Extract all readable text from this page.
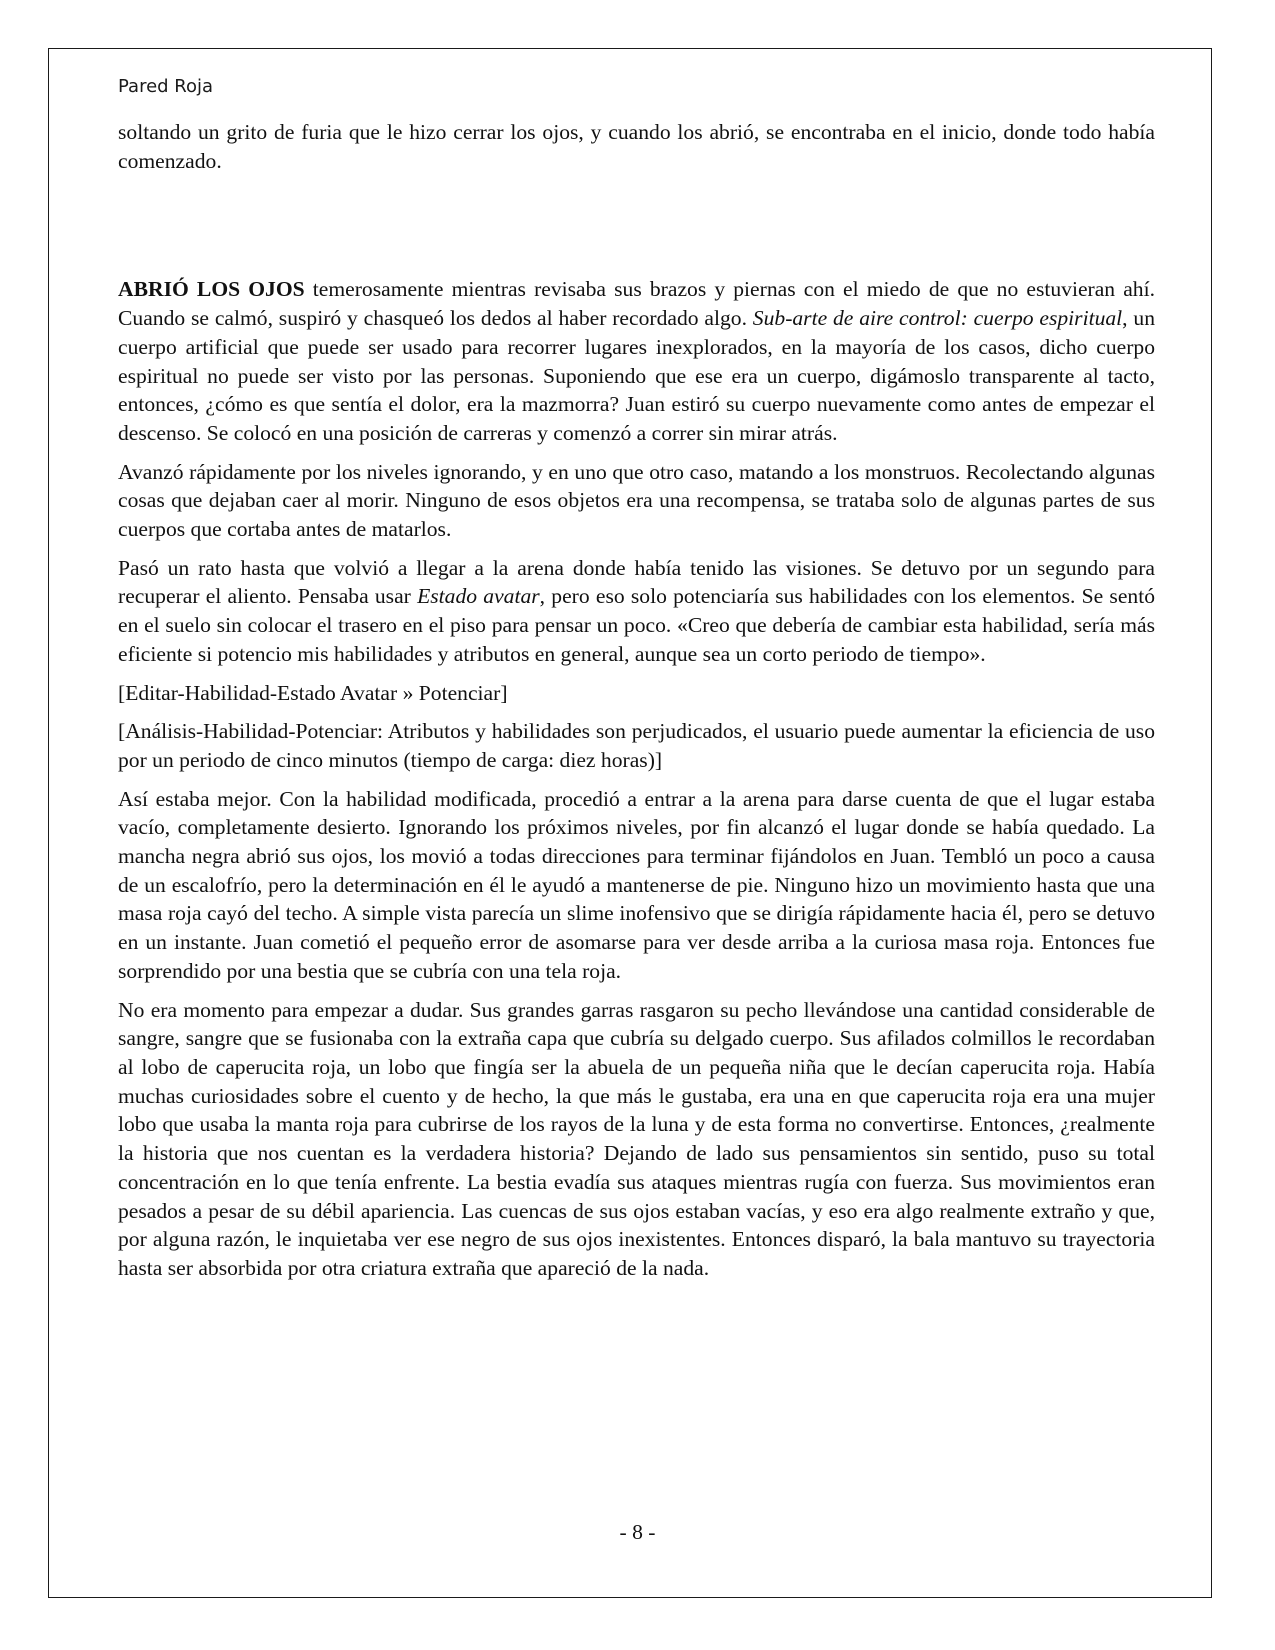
Pared Roja

soltando un grito de furia que le hizo cerrar los ojos, y cuando los abrió, se encontraba en el inicio, donde todo había comenzado.

ABRIÓ LOS OJOS temerosamente mientras revisaba sus brazos y piernas con el miedo de que no estuvieran ahí. Cuando se calmó, suspiró y chasqueó los dedos al haber recordado algo. Sub-arte de aire control: cuerpo espiritual, un cuerpo artificial que puede ser usado para recorrer lugares inexplorados, en la mayoría de los casos, dicho cuerpo espiritual no puede ser visto por las personas. Suponiendo que ese era un cuerpo, digámoslo transparente al tacto, entonces, ¿cómo es que sentía el dolor, era la mazmorra? Juan estiró su cuerpo nuevamente como antes de empezar el descenso. Se colocó en una posición de carreras y comenzó a correr sin mirar atrás.

Avanzó rápidamente por los niveles ignorando, y en uno que otro caso, matando a los monstruos. Recolectando algunas cosas que dejaban caer al morir. Ninguno de esos objetos era una recompensa, se trataba solo de algunas partes de sus cuerpos que cortaba antes de matarlos.

Pasó un rato hasta que volvió a llegar a la arena donde había tenido las visiones. Se detuvo por un segundo para recuperar el aliento. Pensaba usar Estado avatar, pero eso solo potenciaría sus habilidades con los elementos. Se sentó en el suelo sin colocar el trasero en el piso para pensar un poco. «Creo que debería de cambiar esta habilidad, sería más eficiente si potencio mis habilidades y atributos en general, aunque sea un corto periodo de tiempo».

[Editar-Habilidad-Estado Avatar » Potenciar]

[Análisis-Habilidad-Potenciar: Atributos y habilidades son perjudicados, el usuario puede aumentar la eficiencia de uso por un periodo de cinco minutos (tiempo de carga: diez horas)]

Así estaba mejor. Con la habilidad modificada, procedió a entrar a la arena para darse cuenta de que el lugar estaba vacío, completamente desierto. Ignorando los próximos niveles, por fin alcanzó el lugar donde se había quedado. La mancha negra abrió sus ojos, los movió a todas direcciones para terminar fijándolos en Juan. Tembló un poco a causa de un escalofrío, pero la determinación en él le ayudó a mantenerse de pie. Ninguno hizo un movimiento hasta que una masa roja cayó del techo. A simple vista parecía un slime inofensivo que se dirigía rápidamente hacia él, pero se detuvo en un instante. Juan cometió el pequeño error de asomarse para ver desde arriba a la curiosa masa roja. Entonces fue sorprendido por una bestia que se cubría con una tela roja.

No era momento para empezar a dudar. Sus grandes garras rasgaron su pecho llevándose una cantidad considerable de sangre, sangre que se fusionaba con la extraña capa que cubría su delgado cuerpo. Sus afilados colmillos le recordaban al lobo de caperucita roja, un lobo que fingía ser la abuela de un pequeña niña que le decían caperucita roja. Había muchas curiosidades sobre el cuento y de hecho, la que más le gustaba, era una en que caperucita roja era una mujer lobo que usaba la manta roja para cubrirse de los rayos de la luna y de esta forma no convertirse. Entonces, ¿realmente la historia que nos cuentan es la verdadera historia? Dejando de lado sus pensamientos sin sentido, puso su total concentración en lo que tenía enfrente. La bestia evadía sus ataques mientras rugía con fuerza. Sus movimientos eran pesados a pesar de su débil apariencia. Las cuencas de sus ojos estaban vacías, y eso era algo realmente extraño y que, por alguna razón, le inquietaba ver ese negro de sus ojos inexistentes. Entonces disparó, la bala mantuvo su trayectoria hasta ser absorbida por otra criatura extraña que apareció de la nada.

- 8 -
